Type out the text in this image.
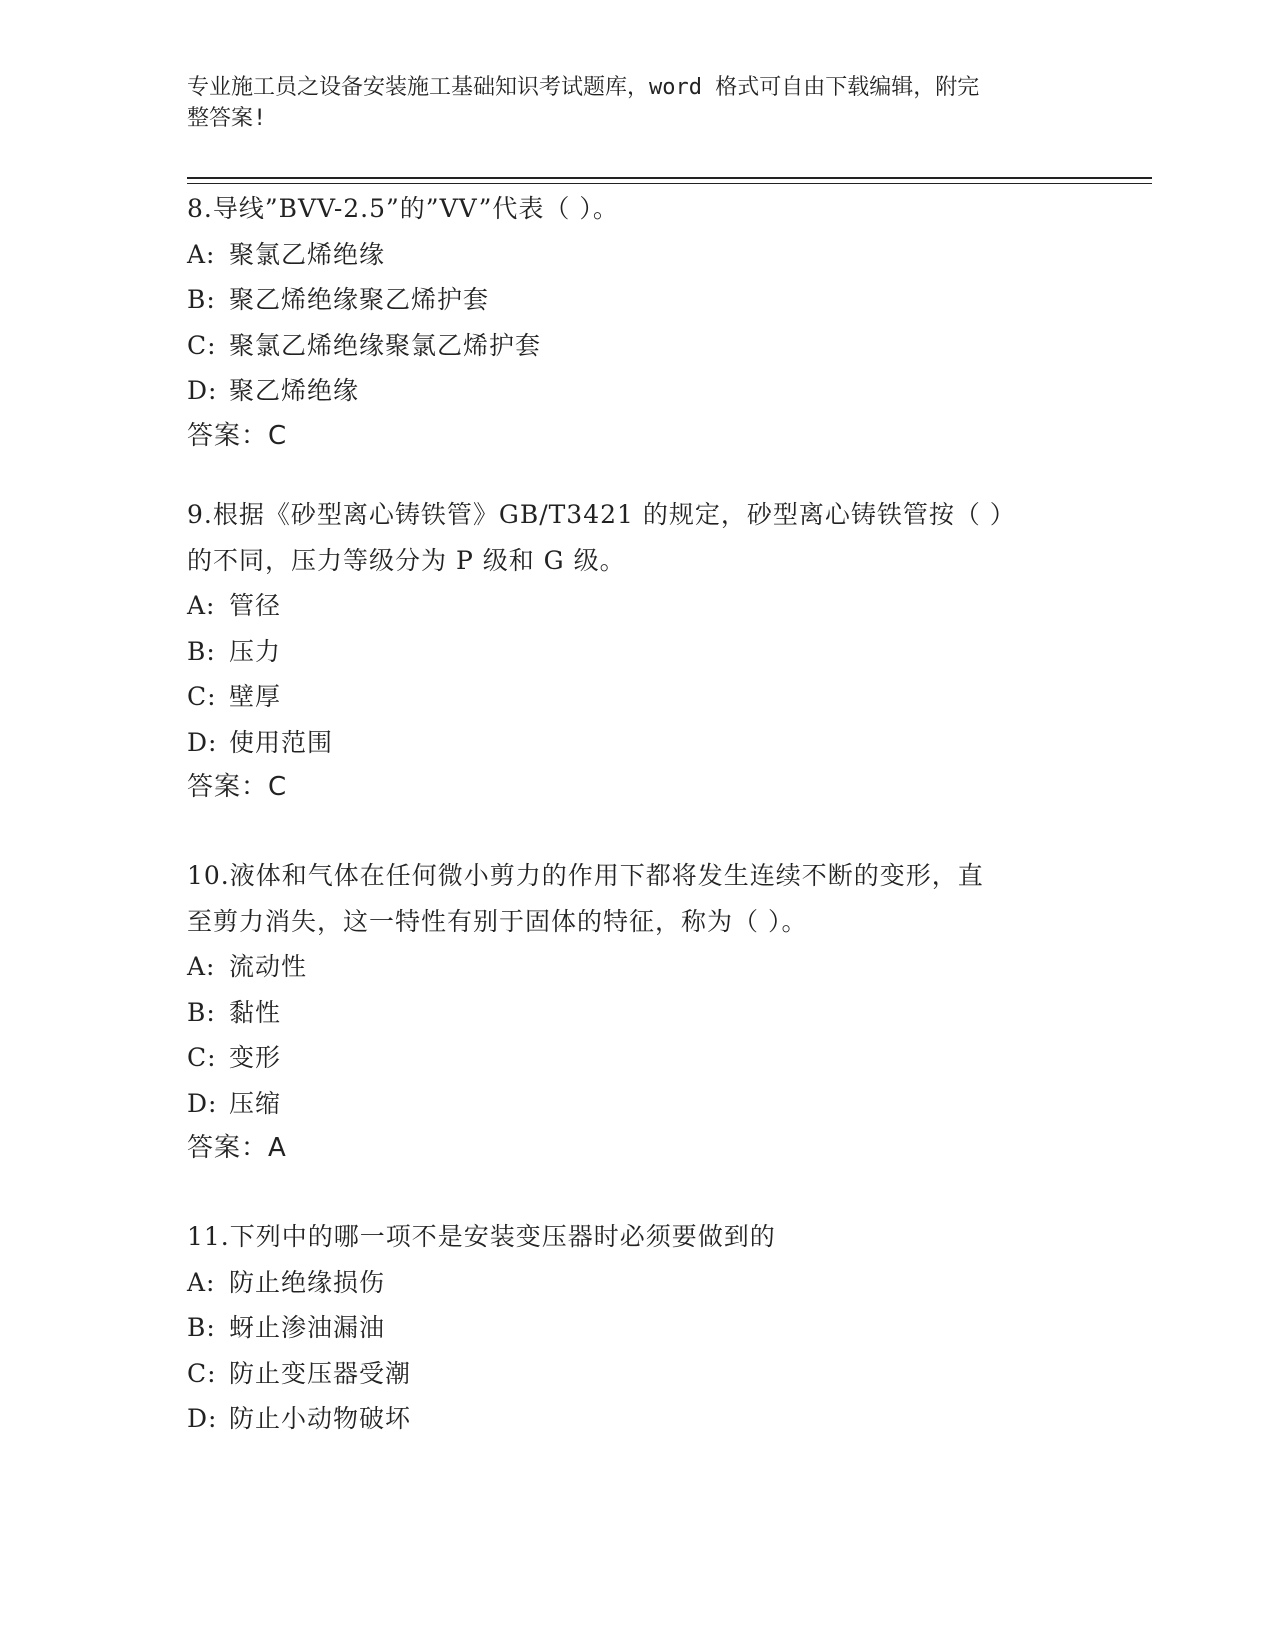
专业施工员之设备安装施工基础知识考试题库，word 格式可自由下载编辑，附完
整答案!

8.导线”BVV-2.5”的”VV”代表（ ）。

A: 聚氯乙烯绝缘
B: 聚乙烯绝缘聚乙烯护套
C: 聚氯乙烯绝缘聚氯乙烯护套
D: 聚乙烯绝缘
答案：C

9.根据《砂型离心铸铁管》GB/T3421 的规定，砂型离心铸铁管按（ ）

的不同，压力等级分为 P 级和 G 级。

A: 管径
B: 压力
C: 壁厚
D: 使用范围
答案：C

10.液体和气体在任何微小剪力的作用下都将发生连续不断的变形，直

至剪力消失，这一特性有别于固体的特征，称为（ ）。

A: 流动性
B: 黏性
C: 变形
D: 压缩
答案：A

11.下列中的哪一项不是安装变压器时必须要做到的

A: 防止绝缘损伤
B: 蚜止渗油漏油
C: 防止变压器受潮
D: 防止小动物破坏
